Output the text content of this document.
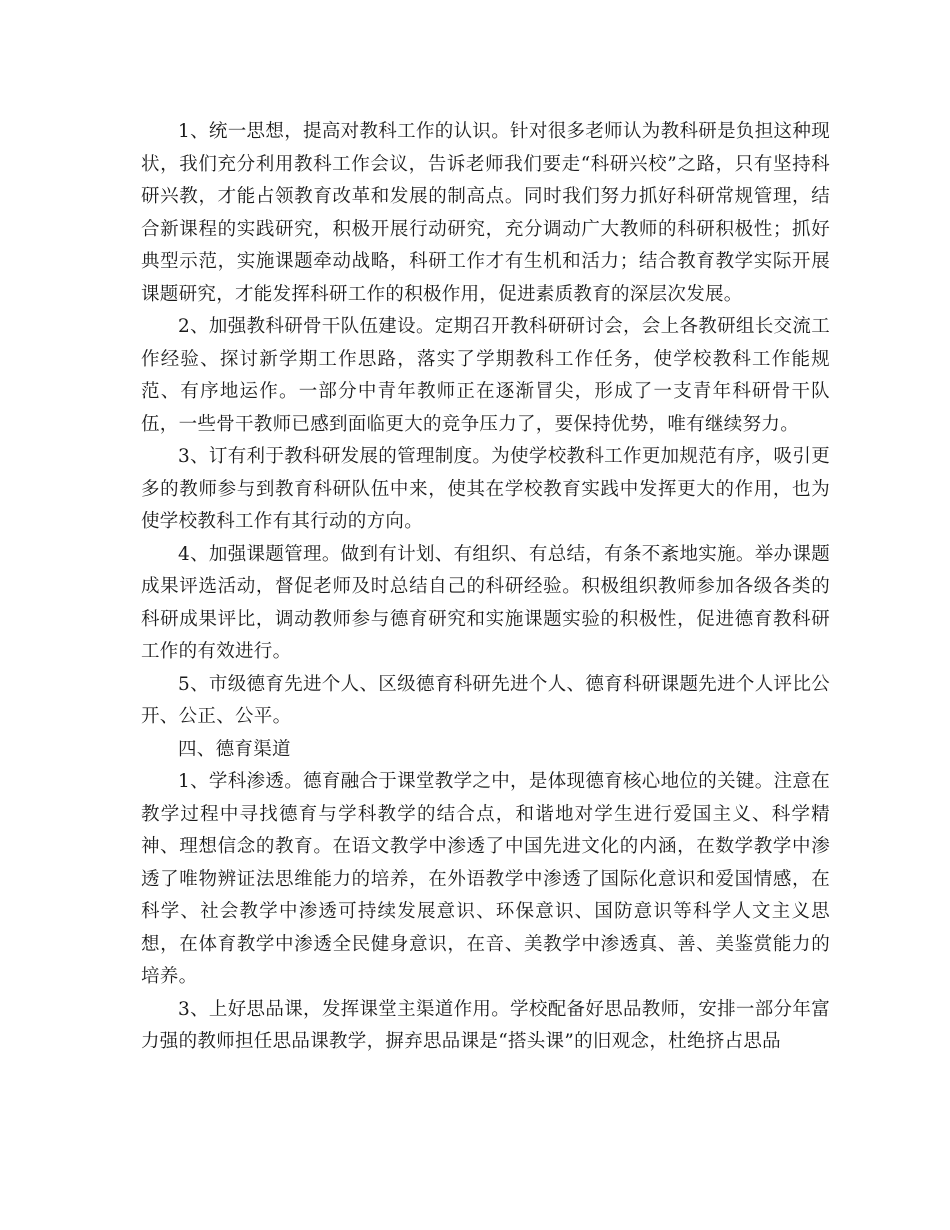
1、统一思想，提高对教科工作的认识。针对很多老师认为教科研是负担这种现状，我们充分利用教科工作会议，告诉老师我们要走“科研兴校”之路，只有坚持科研兴教，才能占领教育改革和发展的制高点。同时我们努力抓好科研常规管理，结合新课程的实践研究，积极开展行动研究，充分调动广大教师的科研积极性；抓好典型示范，实施课题牵动战略，科研工作才有生机和活力；结合教育教学实际开展课题研究，才能发挥科研工作的积极作用，促进素质教育的深层次发展。

2、加强教科研骨干队伍建设。定期召开教科研研讨会，会上各教研组长交流工作经验、探讨新学期工作思路，落实了学期教科工作任务，使学校教科工作能规范、有序地运作。一部分中青年教师正在逐渐冒尖，形成了一支青年科研骨干队伍，一些骨干教师已感到面临更大的竞争压力了，要保持优势，唯有继续努力。

3、订有利于教科研发展的管理制度。为使学校教科工作更加规范有序，吸引更多的教师参与到教育科研队伍中来，使其在学校教育实践中发挥更大的作用，也为使学校教科工作有其行动的方向。

4、加强课题管理。做到有计划、有组织、有总结，有条不紊地实施。举办课题成果评选活动，督促老师及时总结自己的科研经验。积极组织教师参加各级各类的科研成果评比，调动教师参与德育研究和实施课题实验的积极性，促进德育教科研工作的有效进行。

5、市级德育先进个人、区级德育科研先进个人、德育科研课题先进个人评比公开、公正、公平。

四、德育渠道

1、学科渗透。德育融合于课堂教学之中，是体现德育核心地位的关键。注意在教学过程中寻找德育与学科教学的结合点，和谐地对学生进行爱国主义、科学精神、理想信念的教育。在语文教学中渗透了中国先进文化的内涵，在数学教学中渗透了唯物辨证法思维能力的培养，在外语教学中渗透了国际化意识和爱国情感，在科学、社会教学中渗透可持续发展意识、环保意识、国防意识等科学人文主义思想，在体育教学中渗透全民健身意识，在音、美教学中渗透真、善、美鉴赏能力的培养。

3、上好思品课，发挥课堂主渠道作用。学校配备好思品教师，安排一部分年富力强的教师担任思品课教学，摒弃思品课是“搭头课”的旧观念，杜绝挤占思品
